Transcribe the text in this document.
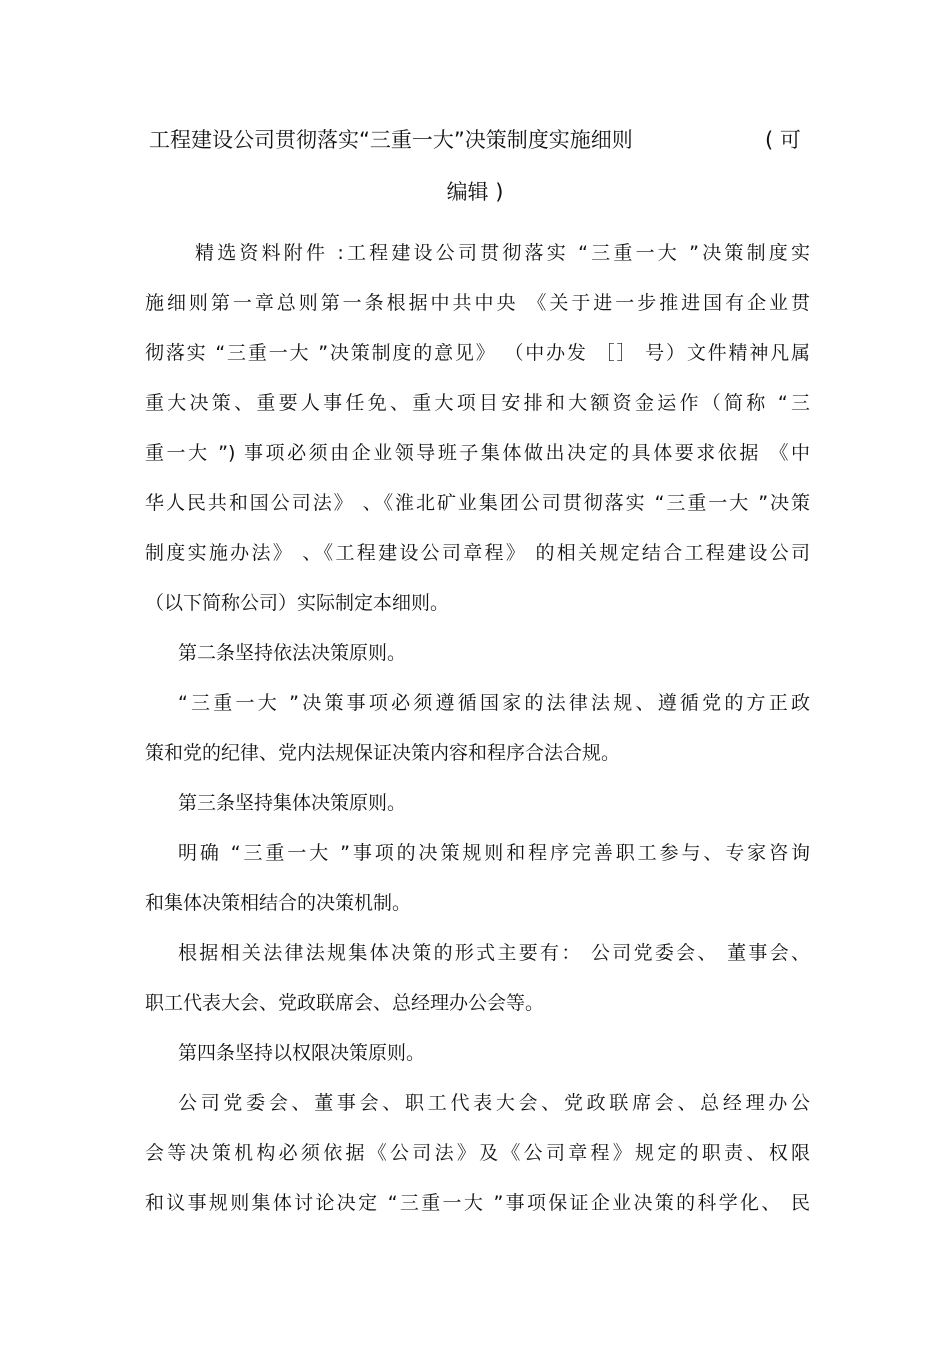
工程建设公司贯彻落实“三重一大”决策制度实施细则	( 可
编辑 )
精选资料附件 :工程建设公司贯彻落实 “三重一大 ”决策制度实
施细则第一章总则第一条根据中共中央 《关于进一步推进国有企业贯
彻落实 “三重一大 ”决策制度的意见》 （中办发 ［］ 号）文件精神凡属
重大决策、重要人事任免、重大项目安排和大额资金运作（简称 “三
重一大 ”) 事项必须由企业领导班子集体做出决定的具体要求依据 《中
华人民共和国公司法》 、《淮北矿业集团公司贯彻落实 “三重一大 ”决策
制度实施办法》 、《工程建设公司章程》 的相关规定结合工程建设公司
（以下简称公司）实际制定本细则。
第二条坚持依法决策原则。
“三重一大 ”决策事项必须遵循国家的法律法规、遵循党的方正政
策和党的纪律、党内法规保证决策内容和程序合法合规。
第三条坚持集体决策原则。
明确 “三重一大 ”事项的决策规则和程序完善职工参与、专家咨询
和集体决策相结合的决策机制。
根据相关法律法规集体决策的形式主要有： 公司党委会、 董事会、
职工代表大会、党政联席会、总经理办公会等。
第四条坚持以权限决策原则。
公司党委会、董事会、职工代表大会、党政联席会、总经理办公
会等决策机构必须依据《公司法》及《公司章程》规定的职责、权限
和议事规则集体讨论决定 “三重一大 ”事项保证企业决策的科学化、 民
